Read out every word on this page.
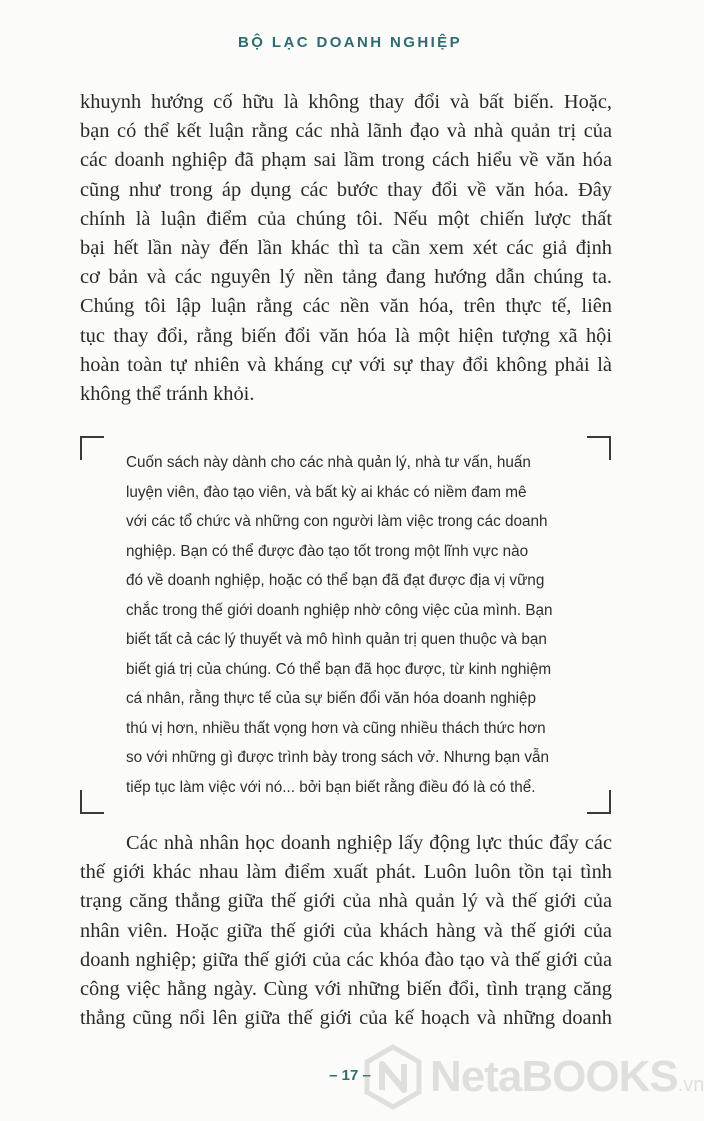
BỘ LẠC DOANH NGHIỆP
khuynh hướng cố hữu là không thay đổi và bất biến. Hoặc,
bạn có thể kết luận rằng các nhà lãnh đạo và nhà quản trị của
các doanh nghiệp đã phạm sai lầm trong cách hiểu về văn hóa
cũng như trong áp dụng các bước thay đổi về văn hóa. Đây
chính là luận điểm của chúng tôi. Nếu một chiến lược thất
bại hết lần này đến lần khác thì ta cần xem xét các giả định
cơ bản và các nguyên lý nền tảng đang hướng dẫn chúng ta.
Chúng tôi lập luận rằng các nền văn hóa, trên thực tế, liên
tục thay đổi, rằng biến đổi văn hóa là một hiện tượng xã hội
hoàn toàn tự nhiên và kháng cự với sự thay đổi không phải là
không thể tránh khỏi.
Cuốn sách này dành cho các nhà quản lý, nhà tư vấn, huấn
luyện viên, đào tạo viên, và bất kỳ ai khác có niềm đam mê
với các tổ chức và những con người làm việc trong các doanh
nghiệp. Bạn có thể được đào tạo tốt trong một lĩnh vực nào
đó về doanh nghiệp, hoặc có thể bạn đã đạt được địa vị vững
chắc trong thế giới doanh nghiệp nhờ công việc của mình. Bạn
biết tất cả các lý thuyết và mô hình quản trị quen thuộc và bạn
biết giá trị của chúng. Có thể bạn đã học được, từ kinh nghiệm
cá nhân, rằng thực tế của sự biến đổi văn hóa doanh nghiệp
thú vị hơn, nhiều thất vọng hơn và cũng nhiều thách thức hơn
so với những gì được trình bày trong sách vở. Nhưng bạn vẫn
tiếp tục làm việc với nó... bởi bạn biết rằng điều đó là có thể.
Các nhà nhân học doanh nghiệp lấy động lực thúc đẩy các
thế giới khác nhau làm điểm xuất phát. Luôn luôn tồn tại tình
trạng căng thẳng giữa thế giới của nhà quản lý và thế giới của
nhân viên. Hoặc giữa thế giới của khách hàng và thế giới của
doanh nghiệp; giữa thế giới của các khóa đào tạo và thế giới của
công việc hằng ngày. Cùng với những biến đổi, tình trạng căng
thẳng cũng nổi lên giữa thế giới của kế hoạch và những doanh
– 17 –	NetaBOOKS.vn
